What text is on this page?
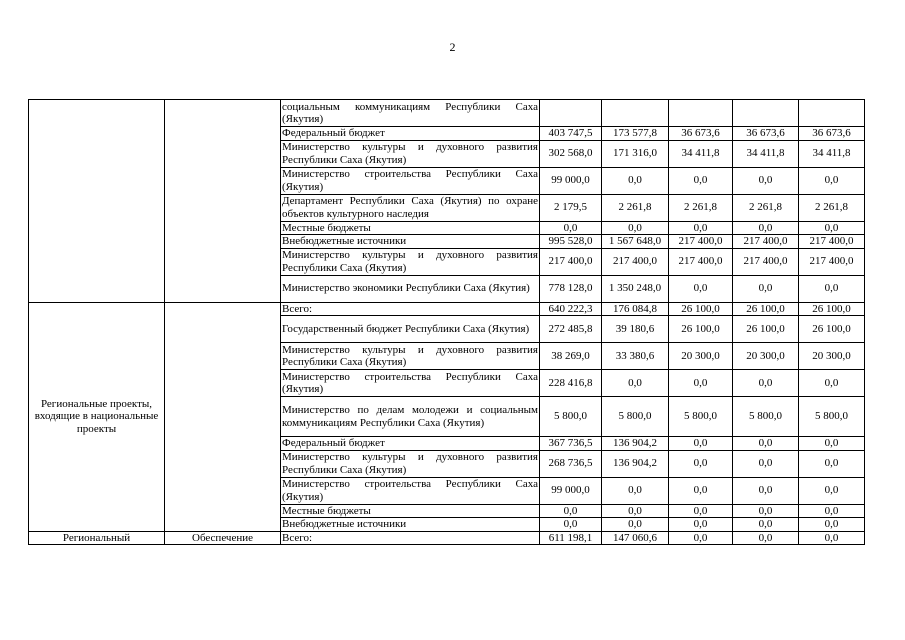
2
		социальным коммуникациям Республики Саха (Якутия)					
		Федеральный бюджет	403 747,5	173 577,8	36 673,6	36 673,6	36 673,6
		Министерство культуры и духовного развития Республики Саха (Якутия)	302 568,0	171 316,0	34 411,8	34 411,8	34 411,8
		Министерство строительства Республики Саха (Якутия)	99 000,0	0,0	0,0	0,0	0,0
		Департамент Республики Саха (Якутия) по охране объектов культурного наследия	2 179,5	2 261,8	2 261,8	2 261,8	2 261,8
		Местные бюджеты	0,0	0,0	0,0	0,0	0,0
		Внебюджетные источники	995 528,0	1 567 648,0	217 400,0	217 400,0	217 400,0
		Министерство культуры и духовного развития Республики Саха (Якутия)	217 400,0	217 400,0	217 400,0	217 400,0	217 400,0
		Министерство экономики Республики Саха (Якутия)	778 128,0	1 350 248,0	0,0	0,0	0,0
Региональные проекты, входящие в национальные проекты		Всего:	640 222,3	176 084,8	26 100,0	26 100,0	26 100,0
		Государственный бюджет Республики Саха (Якутия)	272 485,8	39 180,6	26 100,0	26 100,0	26 100,0
		Министерство культуры и духовного развития Республики Саха (Якутия)	38 269,0	33 380,6	20 300,0	20 300,0	20 300,0
		Министерство строительства Республики Саха (Якутия)	228 416,8	0,0	0,0	0,0	0,0
		Министерство по делам молодежи и социальным коммуникациям Республики Саха (Якутия)	5 800,0	5 800,0	5 800,0	5 800,0	5 800,0
		Федеральный бюджет	367 736,5	136 904,2	0,0	0,0	0,0
		Министерство культуры и духовного развития Республики Саха (Якутия)	268 736,5	136 904,2	0,0	0,0	0,0
		Министерство строительства Республики Саха (Якутия)	99 000,0	0,0	0,0	0,0	0,0
		Местные бюджеты	0,0	0,0	0,0	0,0	0,0
		Внебюджетные источники	0,0	0,0	0,0	0,0	0,0
Региональный	Обеспечение	Всего:	611 198,1	147 060,6	0,0	0,0	0,0
